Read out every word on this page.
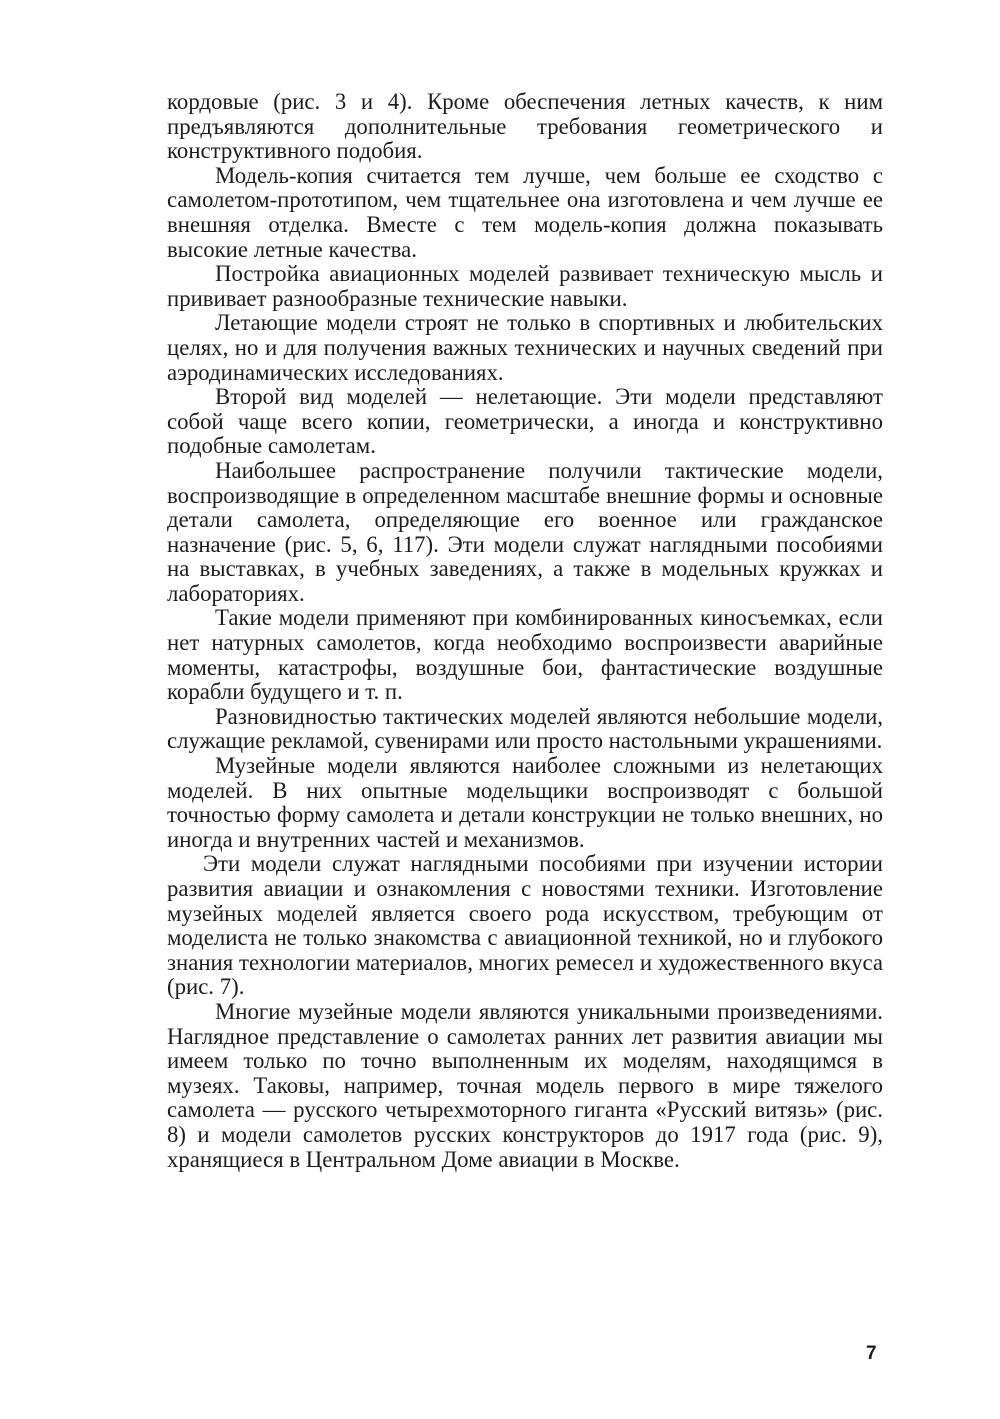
кордовые (рис. 3 и 4). Кроме обеспечения летных качеств, к ним предъявляются дополнительные требования геометрического и конструктивного подобия.

Модель-копия считается тем лучше, чем больше ее сходство с самолетом-прототипом, чем тщательнее она изготовлена и чем лучше ее внешняя отделка. Вместе с тем модель-копия должна показывать высокие летные качества.

Постройка авиационных моделей развивает техническую мысль и прививает разнообразные технические навыки.

Летающие модели строят не только в спортивных и любительских целях, но и для получения важных технических и научных сведений при аэродинамических исследованиях.

Второй вид моделей — нелетающие. Эти модели представляют собой чаще всего копии, геометрически, а иногда и конструктивно подобные самолетам.

Наибольшее распространение получили тактические модели, воспроизводящие в определенном масштабе внешние формы и основные детали самолета, определяющие его военное или гражданское назначение (рис. 5, 6, 117). Эти модели служат наглядными пособиями на выставках, в учебных заведениях, а также в модельных кружках и лабораториях.

Такие модели применяют при комбинированных киносъемках, если нет натурных самолетов, когда необходимо воспроизвести аварийные моменты, катастрофы, воздушные бои, фантастические воздушные корабли будущего и т. п.

Разновидностью тактических моделей являются небольшие модели, служащие рекламой, сувенирами или просто настольными украшениями.

Музейные модели являются наиболее сложными из нелетающих моделей. В них опытные модельщики воспроизводят с большой точностью форму самолета и детали конструкции не только внешних, но иногда и внутренних частей и механизмов.

Эти модели служат наглядными пособиями при изучении истории развития авиации и ознакомления с новостями техники. Изготовление музейных моделей является своего рода искусством, требующим от моделиста не только знакомства с авиационной техникой, но и глубокого знания технологии материалов, многих ремесел и художественного вкуса (рис. 7).

Многие музейные модели являются уникальными произведениями. Наглядное представление о самолетах ранних лет развития авиации мы имеем только по точно выполненным их моделям, находящимся в музеях. Таковы, например, точная модель первого в мире тяжелого самолета — русского четырехмоторного гиганта «Русский витязь» (рис. 8) и модели самолетов русских конструкторов до 1917 года (рис. 9), хранящиеся в Центральном Доме авиации в Москве.

7
